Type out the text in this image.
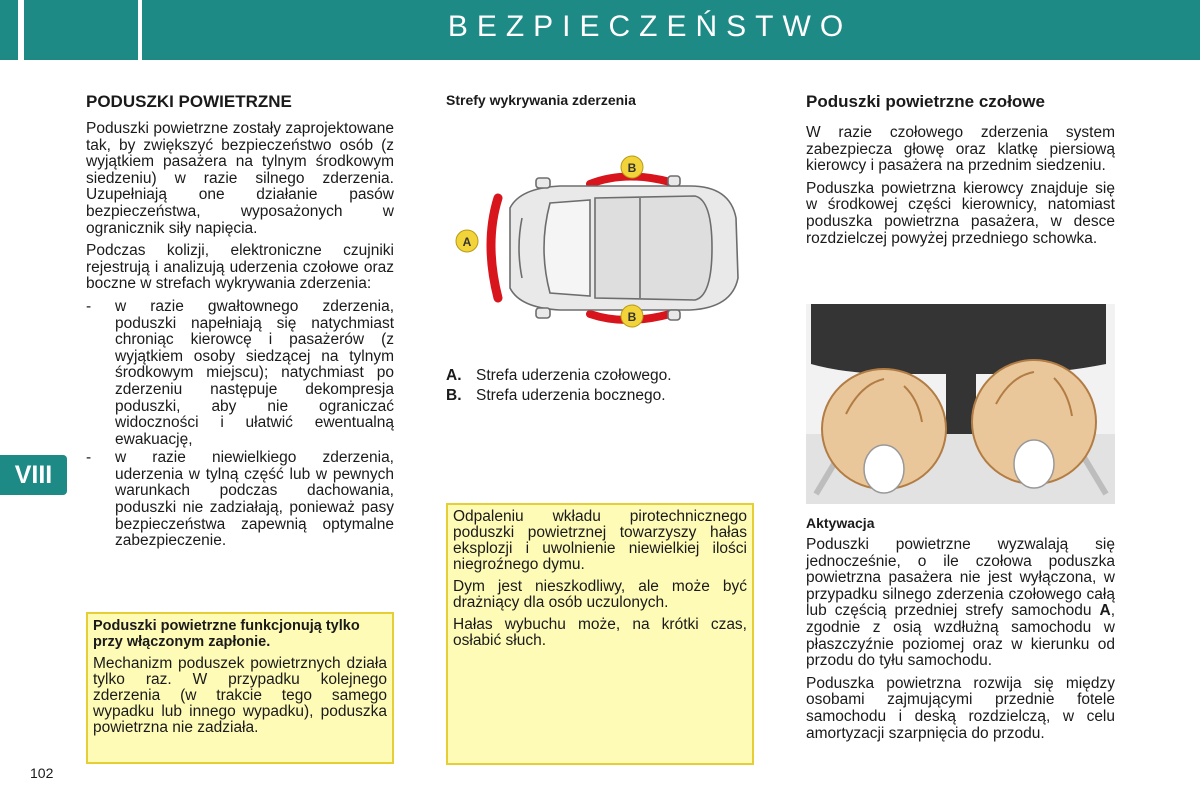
BEZPIECZEŃSTWO
VIII
PODUSZKI POWIETRZNE

Poduszki powietrzne zostały zaprojektowane tak, by zwiększyć bezpieczeństwo osób (z wyjątkiem pasażera na tylnym środkowym siedzeniu) w razie silnego zderzenia. Uzupełniają one działanie pasów bezpieczeństwa, wyposażonych w ogranicznik siły napięcia.

Podczas kolizji, elektroniczne czujniki rejestrują i analizują uderzenia czołowe oraz boczne w strefach wykrywania zderzenia:

-	w razie gwałtownego zderzenia, poduszki napełniają się natychmiast chroniąc kierowcę i pasażerów (z wyjątkiem osoby siedzącej na tylnym środkowym miejscu); natychmiast po zderzeniu następuje dekompresja poduszki, aby nie ograniczać widoczności i ułatwić ewentualną ewakuację,
-	w razie niewielkiego zderzenia, uderzenia w tylną część lub w pewnych warunkach podczas dachowania, poduszki nie zadziałają, ponieważ pasy bezpieczeństwa zapewnią optymalne zabezpieczenie.

Poduszki powietrzne funkcjonują tylko przy włączonym zapłonie.

Mechanizm poduszek powietrznych działa tylko raz. W przypadku kolejnego zderzenia (w trakcie tego samego wypadku lub innego wypadku), poduszka powietrzna nie zadziała.

102
Strefy wykrywania zderzenia
A
B
B
A. Strefa uderzenia czołowego.
B. Strefa uderzenia bocznego.

Odpaleniu wkładu pirotechnicznego poduszki powietrznej towarzyszy hałas eksplozji i uwolnienie niewielkiej ilości niegroźnego dymu.

Dym jest nieszkodliwy, ale może być drażniący dla osób uczulonych.

Hałas wybuchu może, na krótki czas, osłabić słuch.

Poduszki powietrzne czołowe

W razie czołowego zderzenia system zabezpiecza głowę oraz klatkę piersiową kierowcy i pasażera na przednim siedzeniu.

Poduszka powietrzna kierowcy znajduje się w środkowej części kierownicy, natomiast poduszka powietrzna pasażera, w desce rozdzielczej powyżej przedniego schowka.

Aktywacja

Poduszki powietrzne wyzwalają się jednocześnie, o ile czołowa poduszka powietrzna pasażera nie jest wyłączona, w przypadku silnego zderzenia czołowego całą lub częścią przedniej strefy samochodu A, zgodnie z osią wzdłużną samochodu w płaszczyźnie poziomej oraz w kierunku od przodu do tyłu samochodu.

Poduszka powietrzna rozwija się między osobami zajmującymi przednie fotele samochodu i deską rozdzielczą, w celu amortyzacji szarpnięcia do przodu.
